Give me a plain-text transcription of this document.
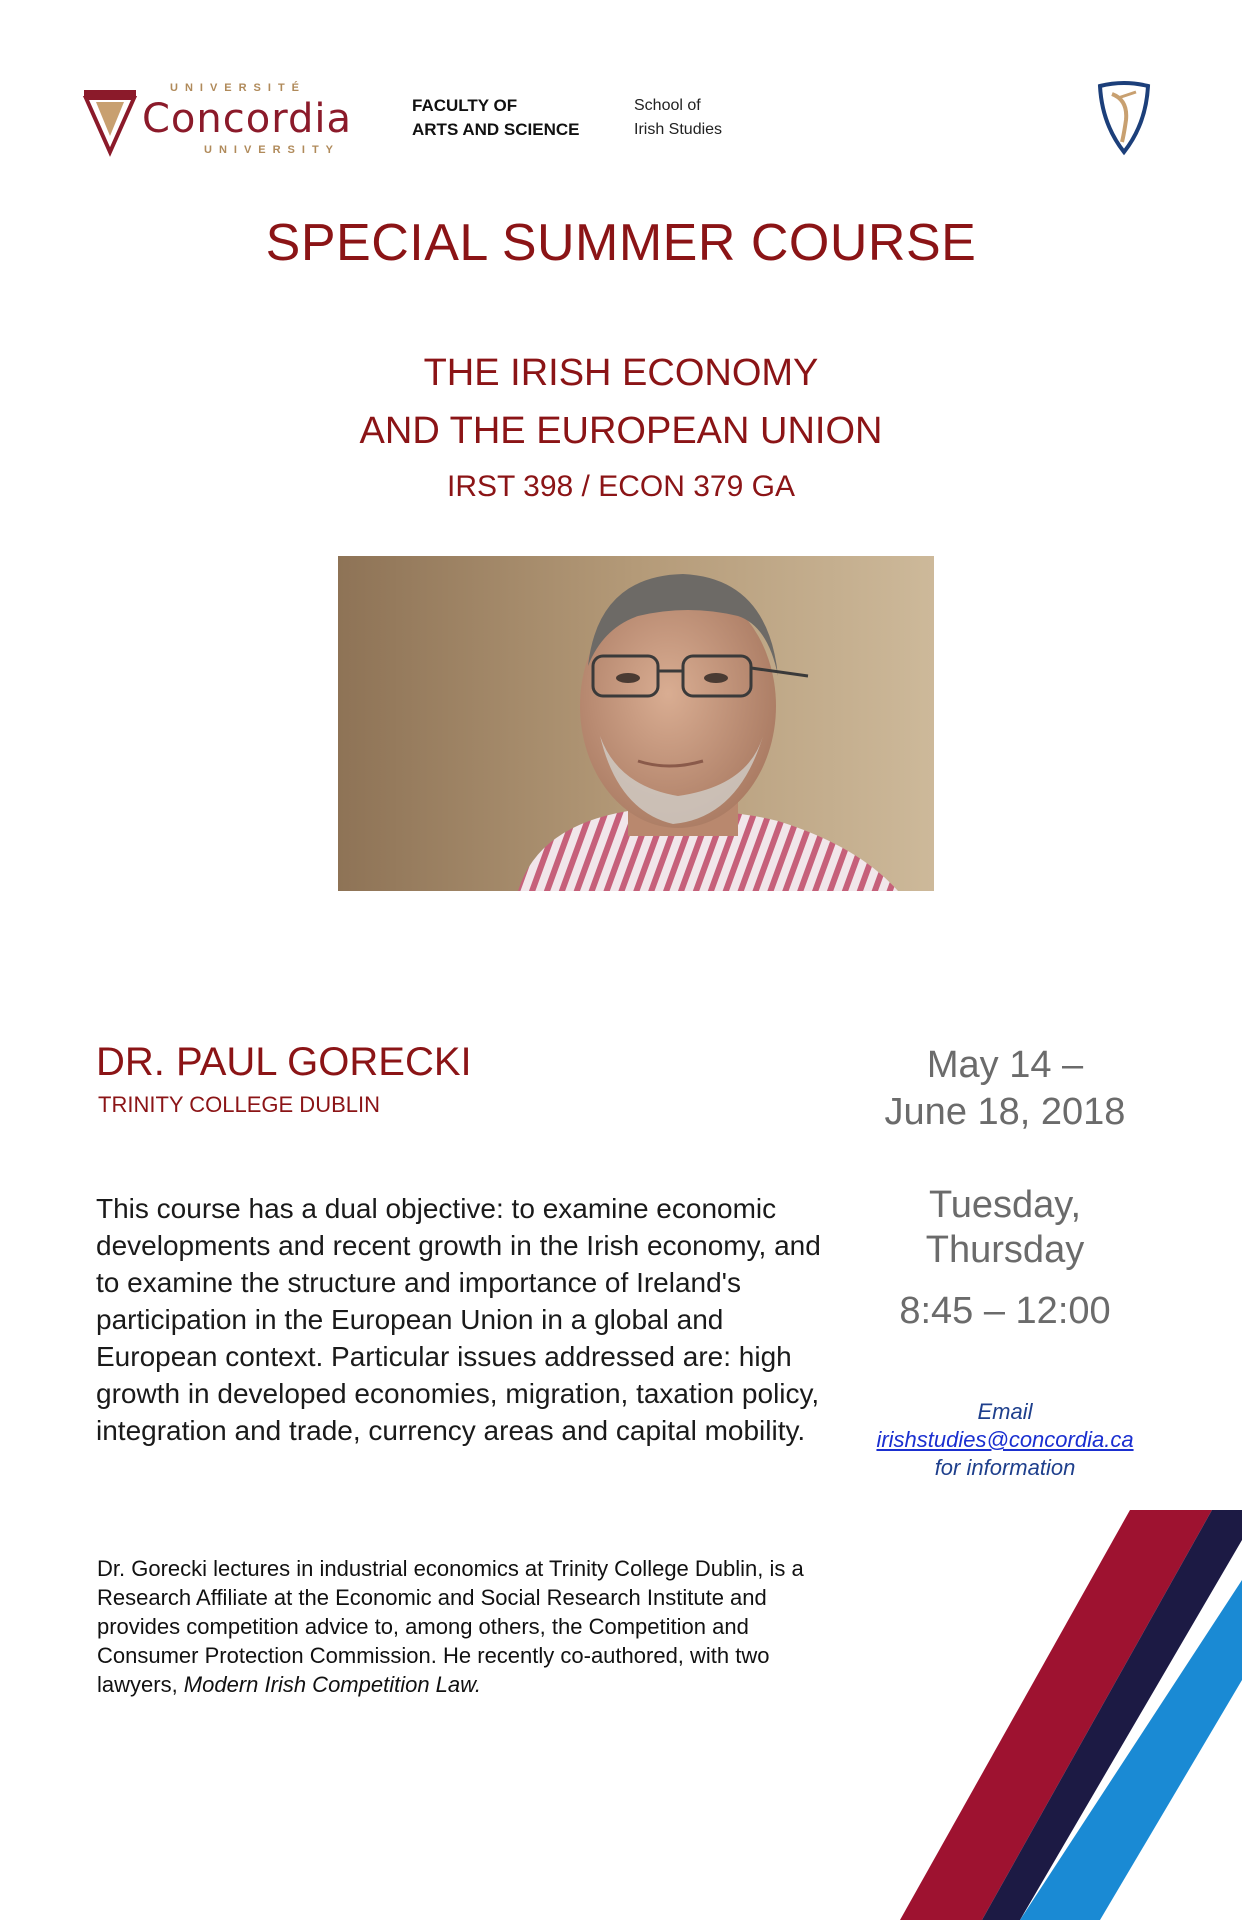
UNIVERSITÉ
Concordia
UNIVERSITY
FACULTY OF
ARTS AND SCIENCE
School of
Irish Studies
SPECIAL SUMMER COURSE
THE IRISH ECONOMY
AND THE EUROPEAN UNION
IRST 398 / ECON 379 GA
DR. PAUL GORECKI
TRINITY COLLEGE DUBLIN
This course has a dual objective: to examine economic developments and recent growth in the Irish economy, and to examine the structure and importance of Ireland's participation in the European Union in a global and European context. Particular issues addressed are: high growth in developed economies, migration, taxation policy, integration and trade, currency areas and capital mobility.
Dr. Gorecki lectures in industrial economics at Trinity College Dublin, is a Research Affiliate at the Economic and Social Research Institute and provides competition advice to, among others, the Competition and Consumer Protection Commission. He recently co-authored, with two lawyers, Modern Irish Competition Law.
May 14 –
June 18, 2018
Tuesday,
Thursday
8:45 – 12:00
Email
irishstudies@concordia.ca
for information
